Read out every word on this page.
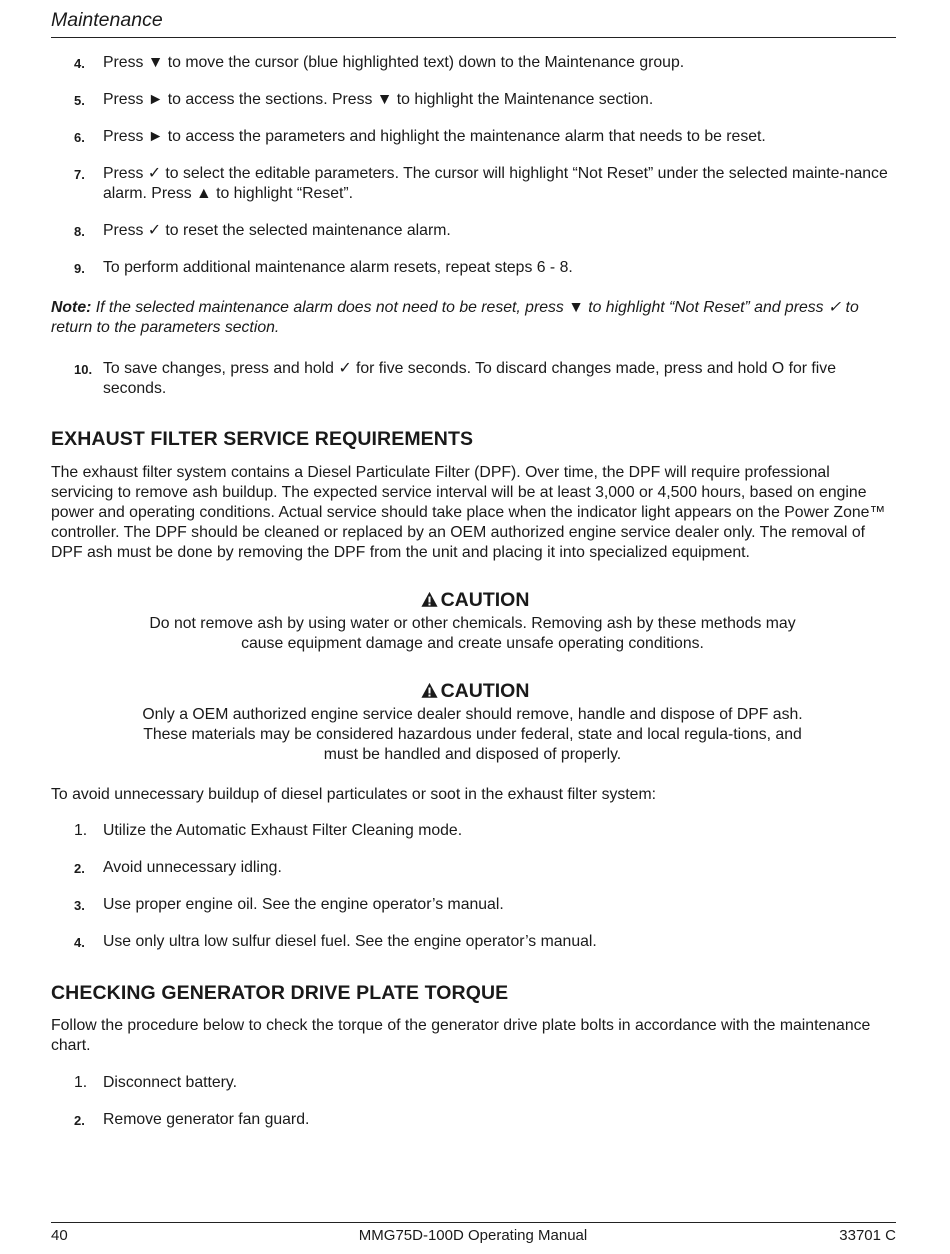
Maintenance
4.	Press ▼ to move the cursor (blue highlighted text) down to the Maintenance group.
5.	Press ► to access the sections. Press ▼ to highlight the Maintenance section.
6.	Press ► to access the parameters and highlight the maintenance alarm that needs to be reset.
7.	Press ✓ to select the editable parameters. The cursor will highlight “Not Reset” under the selected mainte-nance alarm. Press ▲ to highlight “Reset”.
8.	Press ✓ to reset the selected maintenance alarm.
9.	To perform additional maintenance alarm resets, repeat steps 6 - 8.
Note: If the selected maintenance alarm does not need to be reset, press ▼ to highlight “Not Reset” and press ✓ to return to the parameters section.
10. To save changes, press and hold ✓ for five seconds. To discard changes made, press and hold O for five seconds.
EXHAUST FILTER SERVICE REQUIREMENTS
The exhaust filter system contains a Diesel Particulate Filter (DPF). Over time, the DPF will require professional servicing to remove ash buildup. The expected service interval will be at least 3,000 or 4,500 hours, based on engine power and operating conditions. Actual service should take place when the indicator light appears on the Power Zone™ controller. The DPF should be cleaned or replaced by an OEM authorized engine service dealer only. The removal of DPF ash must be done by removing the DPF from the unit and placing it into specialized equipment.
CAUTION
Do not remove ash by using water or other chemicals. Removing ash by these methods may cause equipment damage and create unsafe operating conditions.
CAUTION
Only a OEM authorized engine service dealer should remove, handle and dispose of DPF ash. These materials may be considered hazardous under federal, state and local regula-tions, and must be handled and disposed of properly.
To avoid unnecessary buildup of diesel particulates or soot in the exhaust filter system:
1.	Utilize the Automatic Exhaust Filter Cleaning mode.
2.	Avoid unnecessary idling.
3.	Use proper engine oil. See the engine operator’s manual.
4.	Use only ultra low sulfur diesel fuel. See the engine operator’s manual.
CHECKING GENERATOR DRIVE PLATE TORQUE
Follow the procedure below to check the torque of the generator drive plate bolts in accordance with the maintenance chart.
1.	Disconnect battery.
2.	Remove generator fan guard.
40	MMG75D-100D Operating Manual	33701 C
